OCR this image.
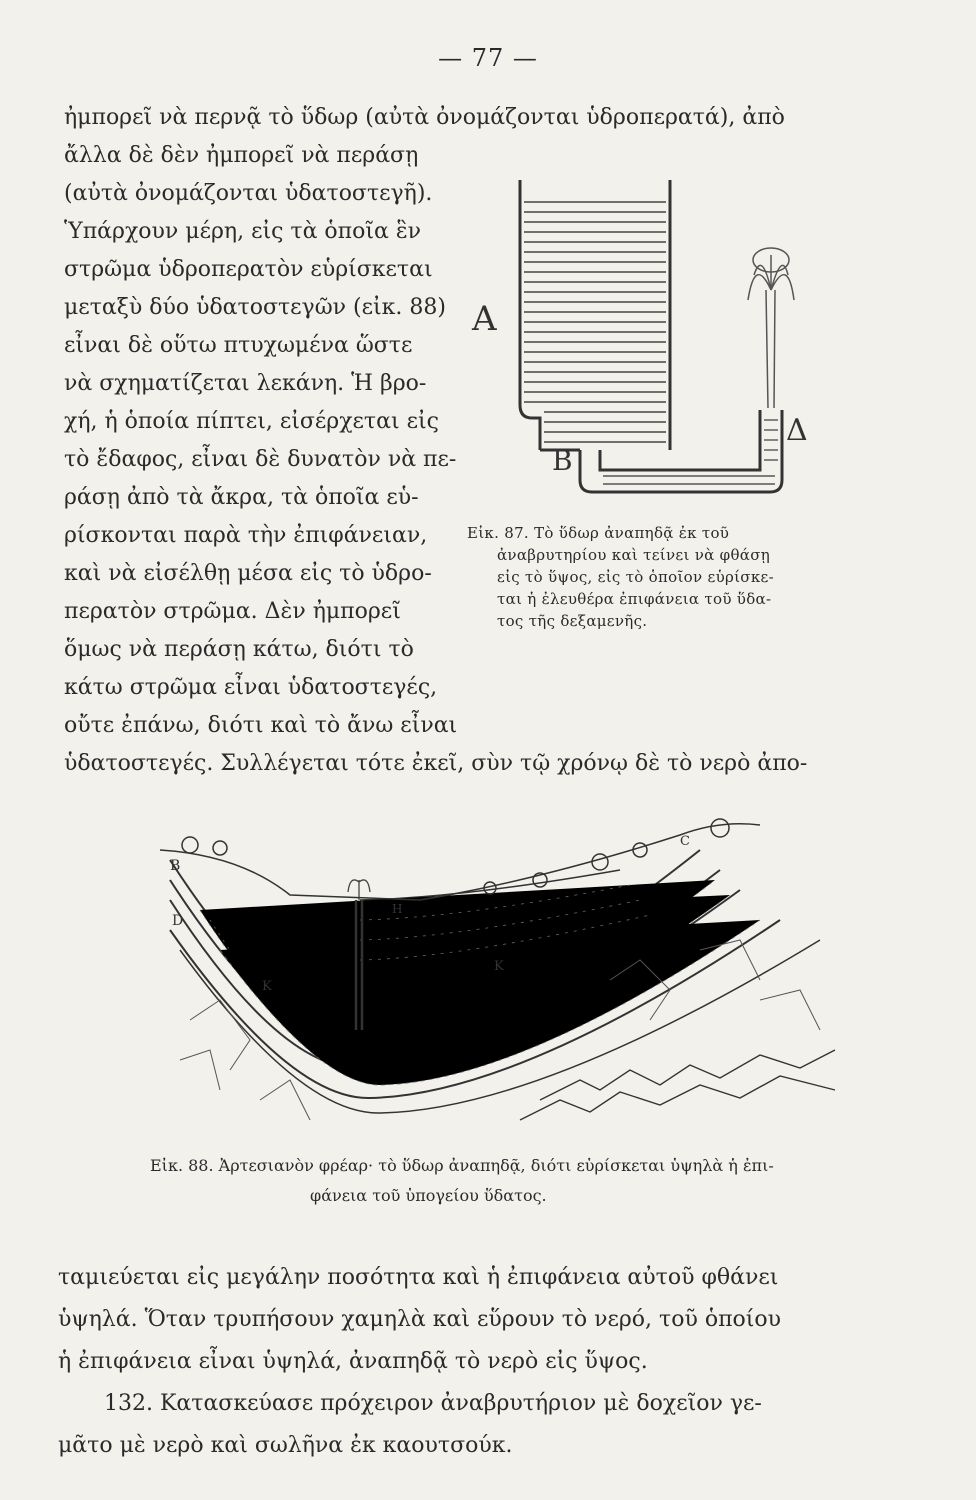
— 77 —
ἠμπορεῖ νὰ περνᾷ τὸ ὕδωρ (αὐτὰ ὀνομάζονται ὑδροπερατά), ἀπὸ
ἄλλα δὲ δὲν ἠμπορεῖ νὰ περάσῃ
(αὐτὰ ὀνομάζονται ὑδατοστεγῆ).
Ὑπάρχουν μέρη, εἰς τὰ ὁποῖα ἓν
στρῶμα ὑδροπερατὸν εὑρίσκεται
μεταξὺ δύο ὑδατοστεγῶν (εἰκ. 88)
εἶναι δὲ οὕτω πτυχωμένα ὥστε
νὰ σχηματίζεται λεκάνη. Ἡ βρο-
χή, ἡ ὁποία πίπτει, εἰσέρχεται εἰς
τὸ ἔδαφος, εἶναι δὲ δυνατὸν νὰ πε-
ράσῃ ἀπὸ τὰ ἄκρα, τὰ ὁποῖα εὑ-
ρίσκονται παρὰ τὴν ἐπιφάνειαν,
καὶ νὰ εἰσέλθῃ μέσα εἰς τὸ ὑδρο-
περατὸν στρῶμα. Δὲν ἠμπορεῖ
ὅμως νὰ περάσῃ κάτω, διότι τὸ
κάτω στρῶμα εἶναι ὑδατοστεγές,
οὔτε ἐπάνω, διότι καὶ τὸ ἄνω εἶναι
ὑδατοστεγές. Συλλέγεται τότε ἐκεῖ, σὺν τῷ χρόνῳ δὲ τὸ νερὸ ἀπο-
A
B
Δ
Εἰκ. 87. Τὸ ὕδωρ ἀναπηδᾷ ἐκ τοῦ
ἀναβρυτηρίου καὶ τείνει νὰ φθάσῃ
εἰς τὸ ὕψος, εἰς τὸ ὁποῖον εὑρίσκε-
ται ἡ ἐλευθέρα ἐπιφάνεια τοῦ ὕδα-
τος τῆς δεξαμενῆς.
B
D
H
K
K
C
Εἰκ. 88. Ἀρτεσιανὸν φρέαρ· τὸ ὕδωρ ἀναπηδᾷ, διότι εὑρίσκεται ὑψηλὰ ἡ ἐπι-
φάνεια τοῦ ὑπογείου ὕδατος.
ταμιεύεται εἰς μεγάλην ποσότητα καὶ ἡ ἐπιφάνεια αὐτοῦ φθάνει
ὑψηλά. Ὅταν τρυπήσουν χαμηλὰ καὶ εὕρουν τὸ νερό, τοῦ ὁποίου
ἡ ἐπιφάνεια εἶναι ὑψηλά, ἀναπηδᾷ τὸ νερὸ εἰς ὕψος.
132. Κατασκεύασε πρόχειρον ἀναβρυτήριον μὲ δοχεῖον γε-
μᾶτο μὲ νερὸ καὶ σωλῆνα ἐκ καουτσούκ.
